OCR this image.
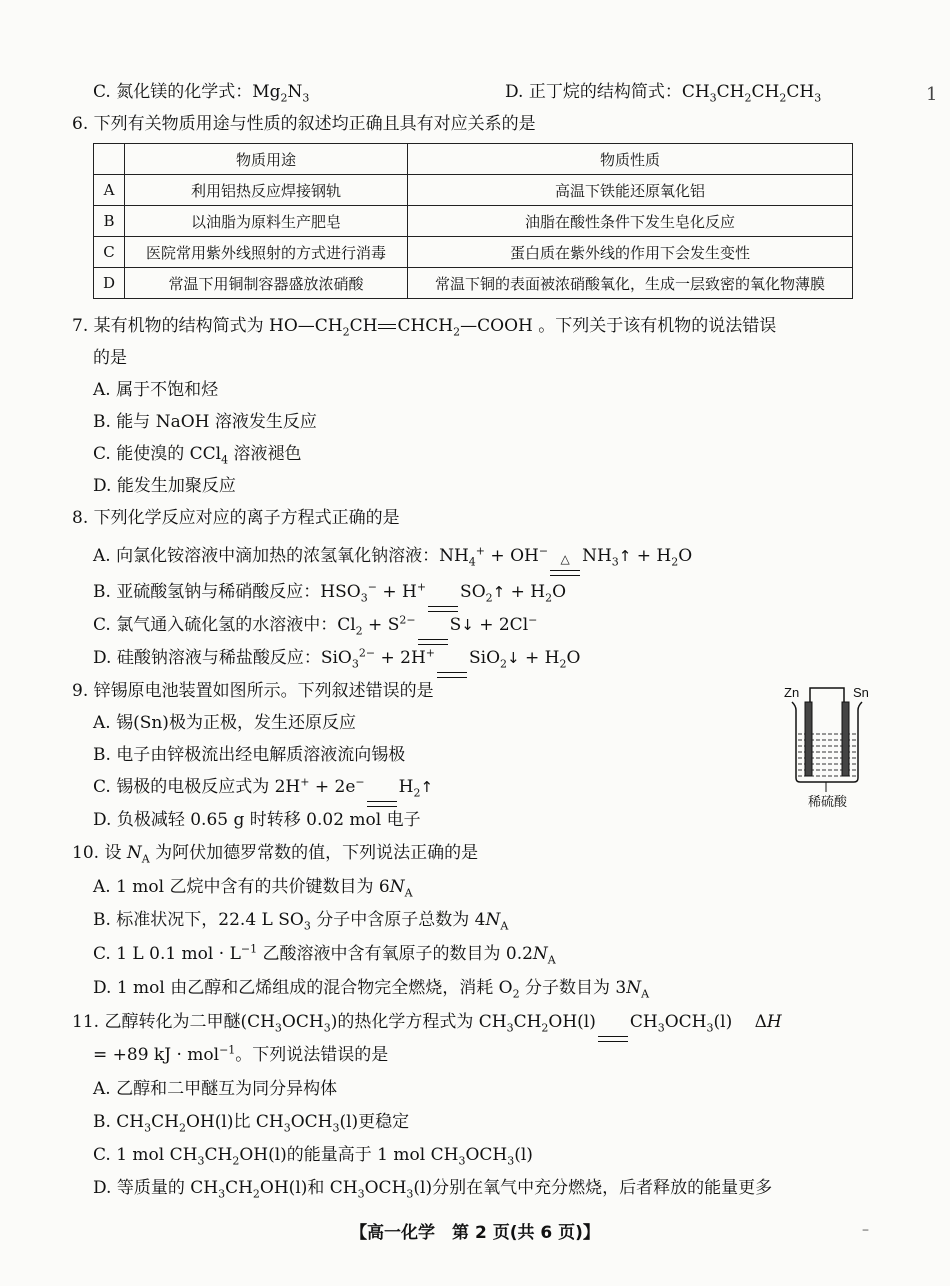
1
C. 氮化镁的化学式：$Mg_2N_3$	D. 正丁烷的结构简式：$CH_3CH_2CH_2CH_3$
6. 下列有关物质用途与性质的叙述均正确且具有对应关系的是
	物质用途	物质性质
A	利用铝热反应焊接钢轨	高温下铁能还原氧化铝
B	以油脂为原料生产肥皂	油脂在酸性条件下发生皂化反应
C	医院常用紫外线照射的方式进行消毒	蛋白质在紫外线的作用下会发生变性
D	常温下用铜制容器盛放浓硝酸	常温下铜的表面被浓硝酸氧化，生成一层致密的氧化物薄膜
7. 某有机物的结构简式为 $HO—CH_2CH$ $CHCH_2—COOH$ 。下列关于该有机物的说法错误
的是
A. 属于不饱和烃
B. 能与 NaOH 溶液发生反应
C. 能使溴的 CCl$_4$ 溶液褪色
D. 能发生加聚反应
8. 下列化学反应对应的离子方程式正确的是
A. 向氯化铵溶液中滴加热的浓氢氧化钠溶液：$NH_4^+ + OH^-$
△ $NH_3↑ + H_2O$
B. 亚硫酸氢钠与稀硝酸反应：$HSO_3^- + H^+$ $SO_2↑ + H_2O$
C. 氯气通入硫化氢的水溶液中：$Cl_2 + S^{2-}$ S↓ + 2Cl−
D. 硅酸钠溶液与稀盐酸反应：SiO$_3^{2-}$ + 2H+ SiO$_2$↓ + $H_2O$
9. 锌锡原电池装置如图所示。下列叙述错误的是
A. 锡(Sn)极为正极，发生还原反应
B. 电子由锌极流出经电解质溶液流向锡极
C. 锡极的电极反应式为 2H+ + 2e− $H_2↑$
D. 负极减轻 0.65 g 时转移 0.02 mol 电子
Zn	Sn
稀硫酸
10. 设 $N_A$ 为阿伏加德罗常数的值，下列说法正确的是
A. 1 mol 乙烷中含有的共价键数目为 $6N_A$
B. 标准状况下，22.4 L $SO_3$ 分子中含原子总数为 $4N_A$
C. 1 L 0.1 mol · $L^{-1}$ 乙酸溶液中含有氧原子的数目为 $0.2N_A$
D. 1 mol 由乙醇和乙烯组成的混合物完全燃烧，消耗 $O_2$ 分子数目为 $3N_A$
11. 乙醇转化为二甲醚$(CH_3OCH_3)$的热化学方程式为 $CH_3CH_2OH(l)$ $CH_3OCH_3(l)$　 ΔH
= +89 kJ · mol$^{-1}$。下列说法错误的是
A. 乙醇和二甲醚互为同分异构体
B. $CH_3CH_2OH(l)$比 $CH_3OCH_3(l)$更稳定
C. 1 mol $CH_3CH_2OH(l)$的能量高于 1 mol $CH_3OCH_3(l)$
D. 等质量的 $CH_3CH_2OH(l)$和 $CH_3OCH_3(l)$分别在氧气中充分燃烧，后者释放的能量更多
【高一化学　第 2 页(共 6 页)】	–
